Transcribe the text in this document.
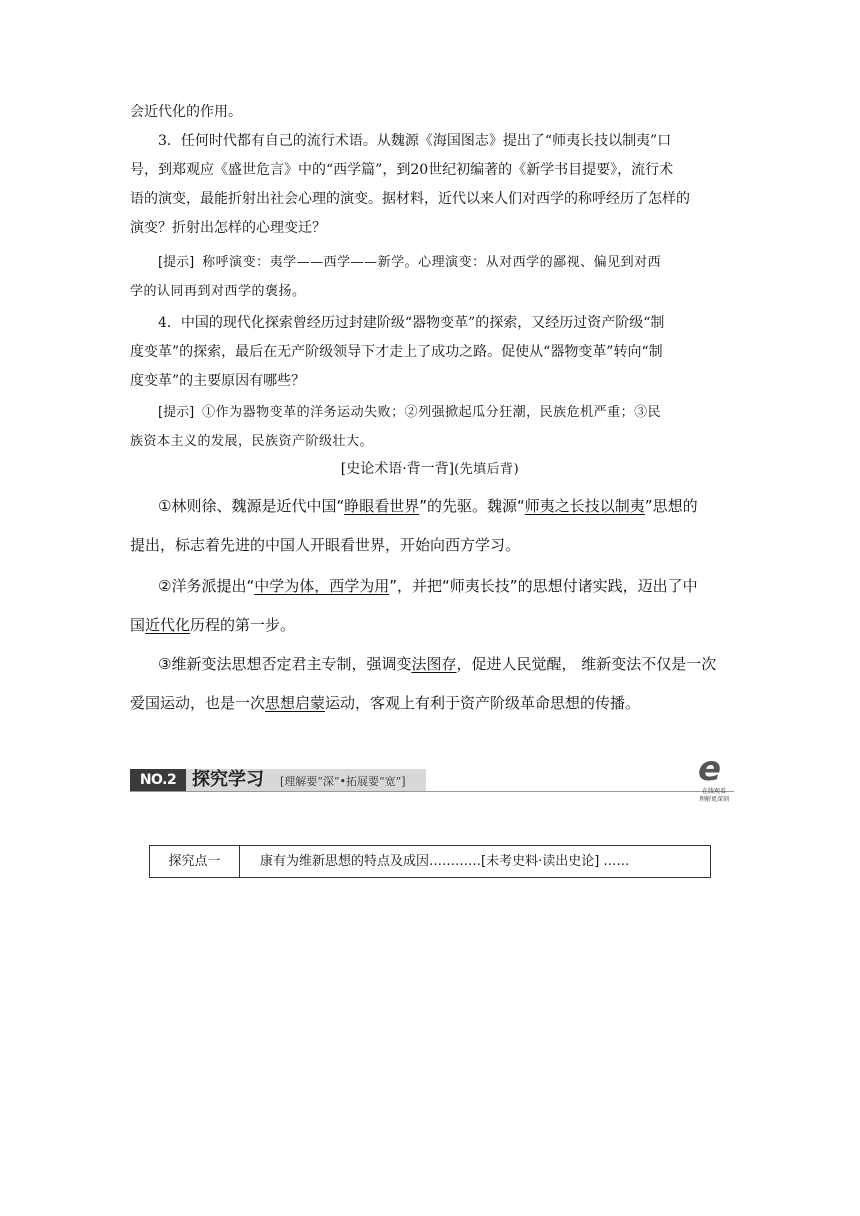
会近代化的作用。

3．任何时代都有自己的流行术语。从魏源《海国图志》提出了“师夷长技以制夷”口
号，到郑观应《盛世危言》中的“西学篇”，到20世纪初编著的《新学书目提要》，流行术
语的演变，最能折射出社会心理的演变。据材料，近代以来人们对西学的称呼经历了怎样的
演变？折射出怎样的心理变迁？

[提示] 称呼演变：夷学——西学——新学。心理演变：从对西学的鄙视、偏见到对西
学的认同再到对西学的褒扬。

4．中国的现代化探索曾经历过封建阶级“器物变革”的探索，又经历过资产阶级“制
度变革”的探索，最后在无产阶级领导下才走上了成功之路。促使从“器物变革”转向“制
度变革”的主要原因有哪些？

[提示] ①作为器物变革的洋务运动失败；②列强掀起瓜分狂潮，民族危机严重；③民
族资本主义的发展，民族资产阶级壮大。

[史论术语·背一背](先填后背)

①林则徐、魏源是近代中国“睁眼看世界”的先驱。魏源“师夷之长技以制夷”思想的
提出，标志着先进的中国人开眼看世界，开始向西方学习。

②洋务派提出“中学为体，西学为用”，并把“师夷长技”的思想付诸实践，迈出了中
国近代化历程的第一步。

③维新变法思想否定君主专制，强调变法图存，促进人民觉醒， 维新变法不仅是一次
爱国运动，也是一次思想启蒙运动，客观上有利于资产阶级革命思想的传播。

NO.2 探究学习 [理解要“深”•拓展要“宽”]	e
在线观看
理解更深刻
探究点一	康有为维新思想的特点及成因…………[未考史料·读出史论] ……
